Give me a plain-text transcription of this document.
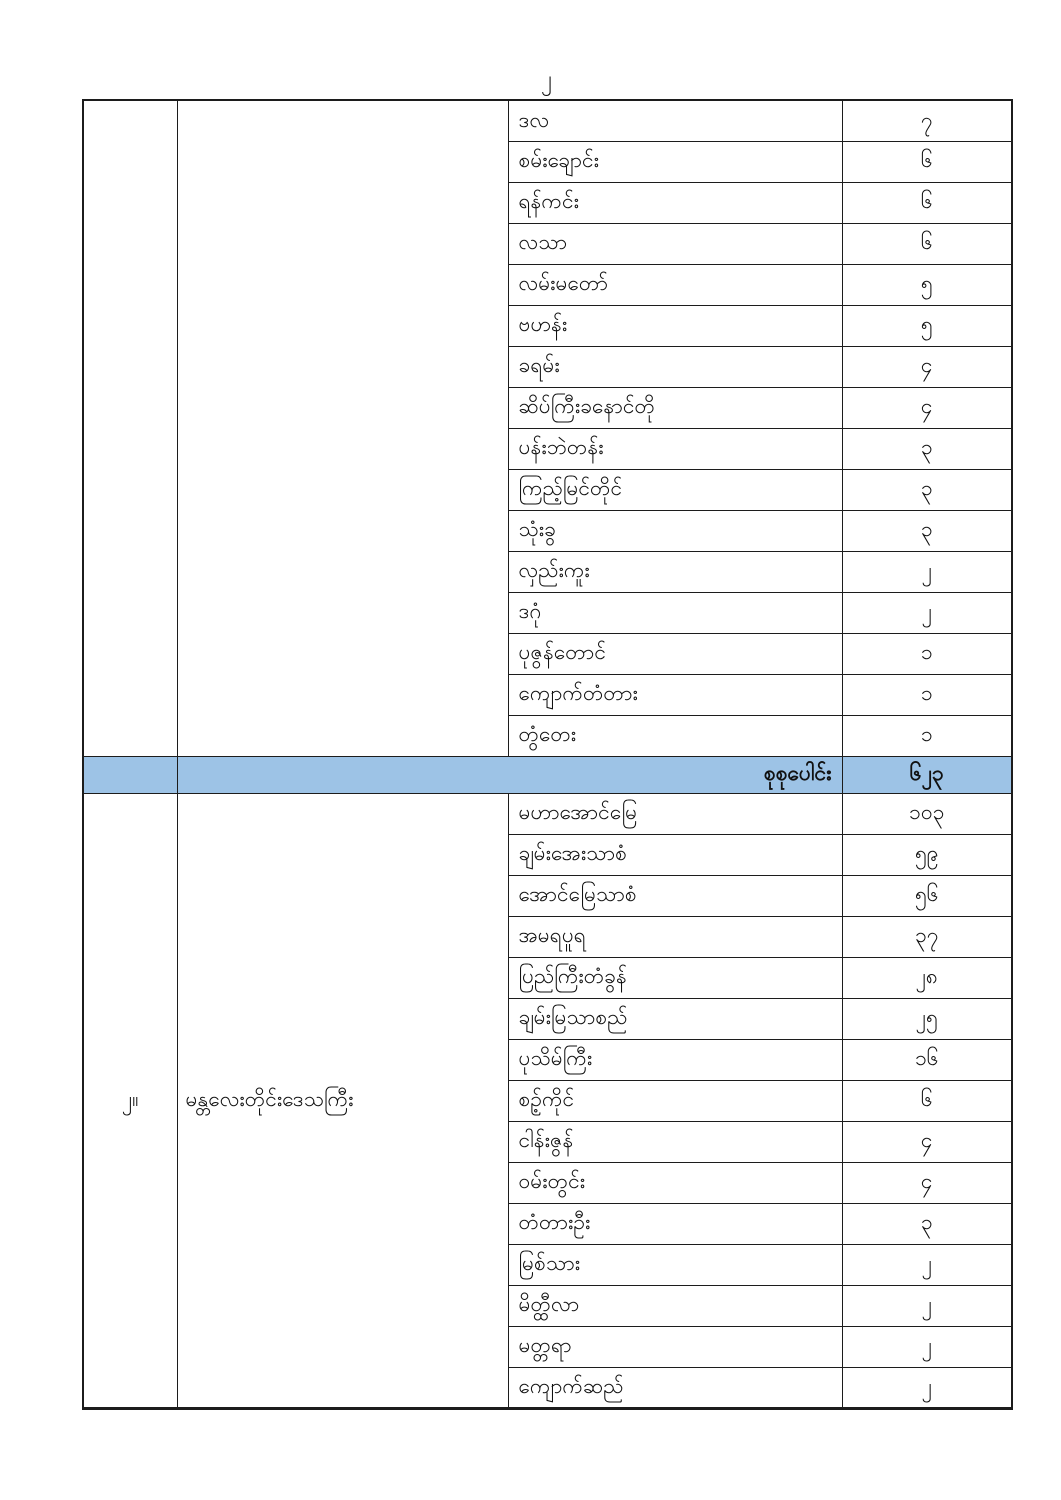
၂
		ဒလ	၇
		စမ်းချောင်း	၆
		ရန်ကင်း	၆
		လသာ	၆
		လမ်းမတော်	၅
		ဗဟန်း	၅
		ခရမ်း	၄
		ဆိပ်ကြီးခနောင်တို	၄
		ပန်းဘဲတန်း	၃
		ကြည့်မြင်တိုင်	၃
		သုံးခွ	၃
		လှည်းကူး	၂
		ဒဂုံ	၂
		ပုဇွန်တောင်	၁
		ကျောက်တံတား	၁
		တွံတေး	၁
	စုစုပေါင်း		၆၂၃
၂။	မန္တလေးတိုင်းဒေသကြီး	မဟာအောင်မြေ	၁၀၃
		ချမ်းအေးသာစံ	၅၉
		အောင်မြေသာစံ	၅၆
		အမရပူရ	၃၇
		ပြည်ကြီးတံခွန်	၂၈
		ချမ်းမြသာစည်	၂၅
		ပုသိမ်ကြီး	၁၆
		စဉ့်ကိုင်	၆
		ငါန်းဇွန်	၄
		ဝမ်းတွင်း	၄
		တံတားဦး	၃
		မြစ်သား	၂
		မိတ္ထီလာ	၂
		မတ္တရာ	၂
		ကျောက်ဆည်	၂
